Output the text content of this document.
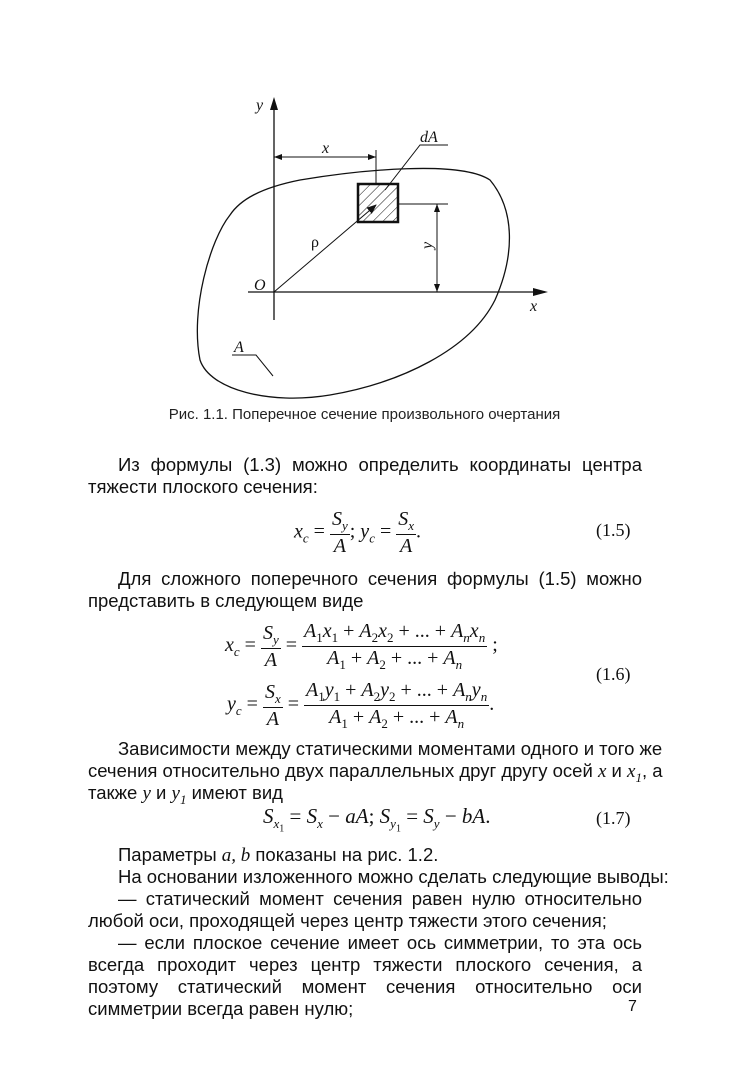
y
x
O
x
y
dA
A
ρ
Рис. 1.1. Поперечное сечение произвольного очертания
Из формулы (1.3) можно определить координаты центра тяжести плоского сечения:
$x_c = \frac{S_y}{A}$ ; $y_c = \frac{S_x}{A}$ .	(1.5)
Для сложного поперечного сечения формулы (1.5) можно представить в следующем виде
$x_c = \frac{S_y}{A} = \frac{A_1x_1 + A_2x_2 + ... + A_nx_n}{A_1 + A_2 + ... + A_n}$ ;
$y_c = \frac{S_x}{A} = \frac{A_1y_1 + A_2y_2 + ... + A_ny_n}{A_1 + A_2 + ... + A_n}$ .
(1.6)
Зависимости между статическими моментами одного и того же
сечения относительно двух параллельных друг другу осей x и $x_1$, а
также y и $y_1$ имеют вид
$S_{x_1} = S_x$ − aA; $S_{y_1} = S_y$ − bA.	(1.7)
Параметры a, b показаны на рис. 1.2.
На основании изложенного можно сделать следующие выводы:
— статический момент сечения равен нулю относительно любой оси, проходящей через центр тяжести этого сечения;
— если плоское сечение имеет ось симметрии, то эта ось всегда проходит через центр тяжести плоского сечения, а поэтому статический момент сечения относительно оси симметрии всегда равен нулю;	7
